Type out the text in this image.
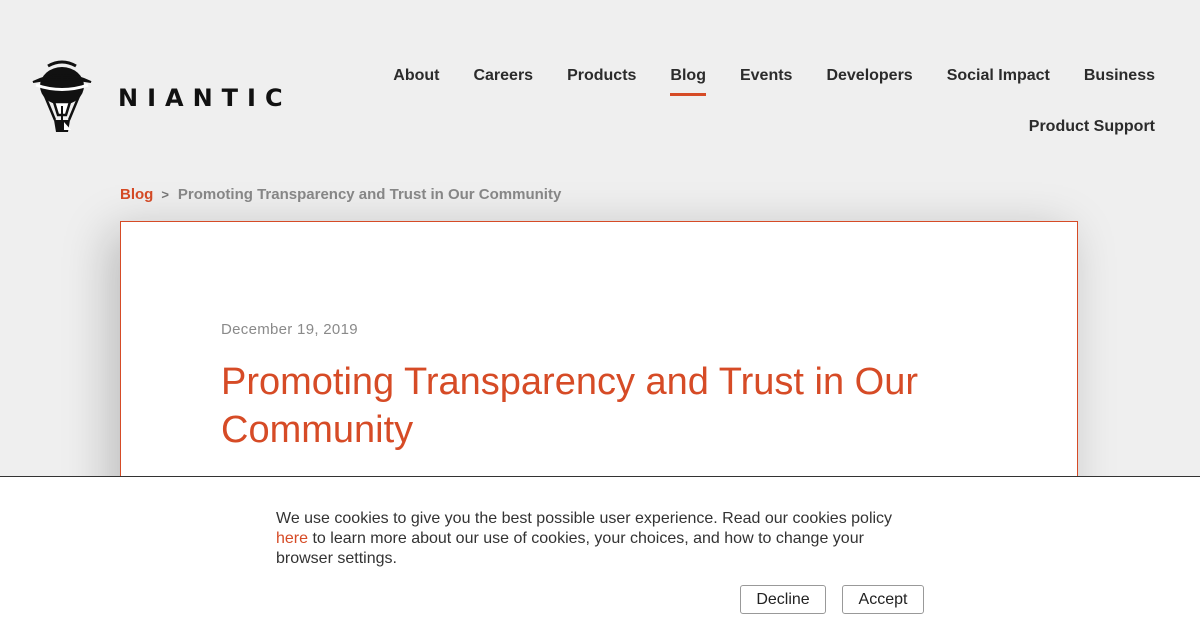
NIANTIC
About Careers Products Blog Events Developers Social Impact Business
Product Support
Blog > Promoting Transparency and Trust in Our Community
December 19, 2019
Promoting Transparency and Trust in Our Community
We use cookies to give you the best possible user experience. Read our cookies policy here to learn more about our use of cookies, your choices, and how to change your browser settings.
Decline	Accept
